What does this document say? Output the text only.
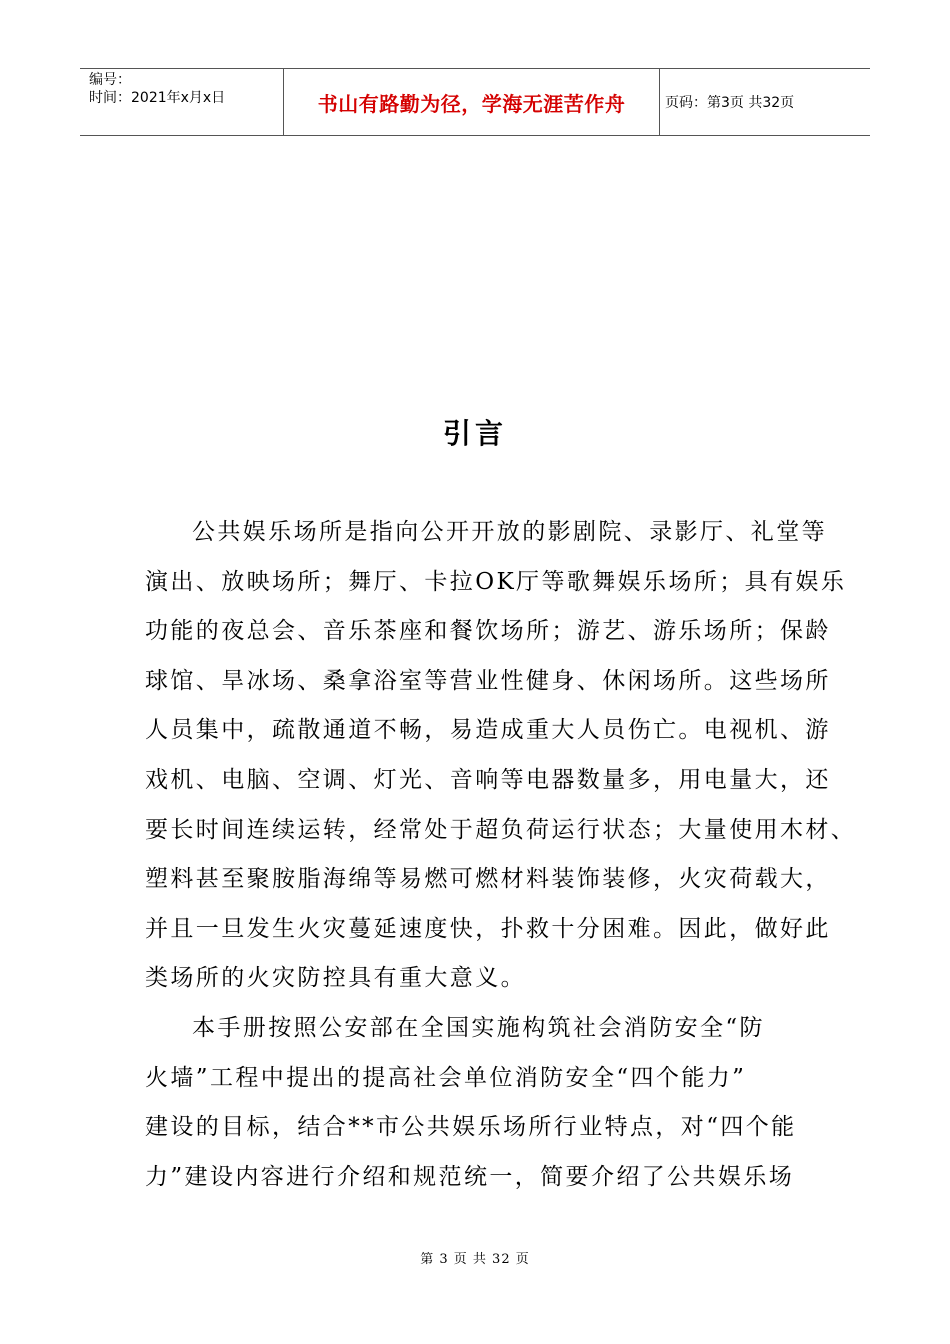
编号：
时间：2021年x月x日	书山有路勤为径，学海无涯苦作舟	页码：第3页 共32页
引言
公共娱乐场所是指向公开开放的影剧院、录影厅、礼堂等
演出、放映场所；舞厅、卡拉OK厅等歌舞娱乐场所；具有娱乐
功能的夜总会、音乐茶座和餐饮场所；游艺、游乐场所；保龄
球馆、旱冰场、桑拿浴室等营业性健身、休闲场所。这些场所
人员集中，疏散通道不畅，易造成重大人员伤亡。电视机、游
戏机、电脑、空调、灯光、音响等电器数量多，用电量大，还
要长时间连续运转，经常处于超负荷运行状态；大量使用木材、
塑料甚至聚胺脂海绵等易燃可燃材料装饰装修，火灾荷载大，
并且一旦发生火灾蔓延速度快，扑救十分困难。因此，做好此
类场所的火灾防控具有重大意义。
本手册按照公安部在全国实施构筑社会消防安全“防
火墙”工程中提出的提高社会单位消防安全“四个能力”
建设的目标，结合**市公共娱乐场所行业特点，对“四个能
力”建设内容进行介绍和规范统一，简要介绍了公共娱乐场
第 3 页 共 32 页
